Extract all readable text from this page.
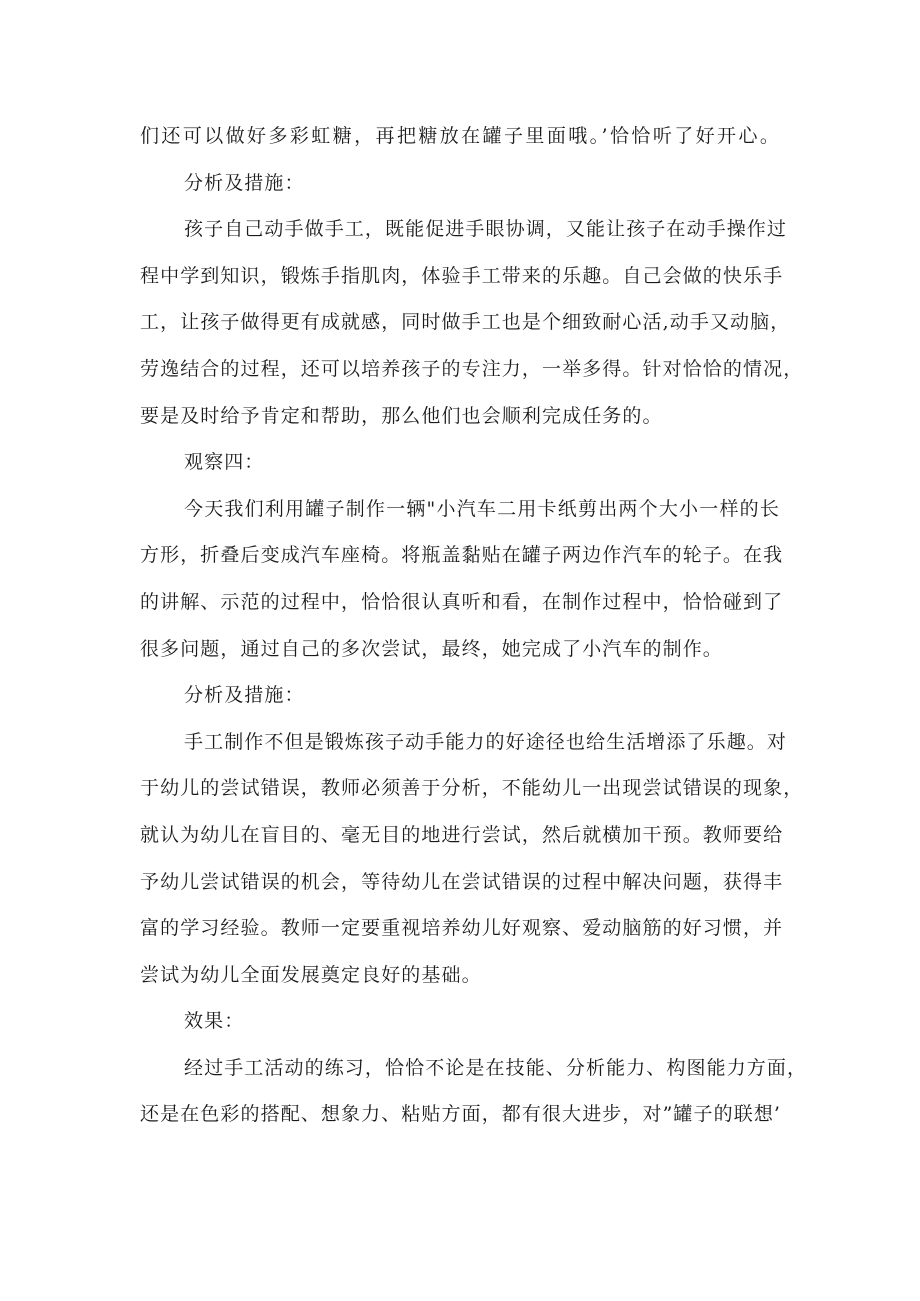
们还可以做好多彩虹糖，再把糖放在罐子里面哦。’恰恰听了好开心。
分析及措施：
孩子自己动手做手工，既能促进手眼协调，又能让孩子在动手操作过
程中学到知识，锻炼手指肌肉，体验手工带来的乐趣。自己会做的快乐手
工，让孩子做得更有成就感，同时做手工也是个细致耐心活,动手又动脑，
劳逸结合的过程，还可以培养孩子的专注力，一举多得。针对恰恰的情况，
要是及时给予肯定和帮助，那么他们也会顺利完成任务的。
观察四：
今天我们利用罐子制作一辆"小汽车二用卡纸剪出两个大小一样的长
方形，折叠后变成汽车座椅。将瓶盖黏贴在罐子两边作汽车的轮子。在我
的讲解、示范的过程中，恰恰很认真听和看，在制作过程中，恰恰碰到了
很多问题，通过自己的多次尝试，最终，她完成了小汽车的制作。
分析及措施：
手工制作不但是锻炼孩子动手能力的好途径也给生活增添了乐趣。对
于幼儿的尝试错误，教师必须善于分析，不能幼儿一出现尝试错误的现象，
就认为幼儿在盲目的、毫无目的地进行尝试，然后就横加干预。教师要给
予幼儿尝试错误的机会，等待幼儿在尝试错误的过程中解决问题，获得丰
富的学习经验。教师一定要重视培养幼儿好观察、爱动脑筋的好习惯，并
尝试为幼儿全面发展奠定良好的基础。
效果：
经过手工活动的练习，恰恰不论是在技能、分析能力、构图能力方面，
还是在色彩的搭配、想象力、粘贴方面，都有很大进步，对”罐子的联想’
